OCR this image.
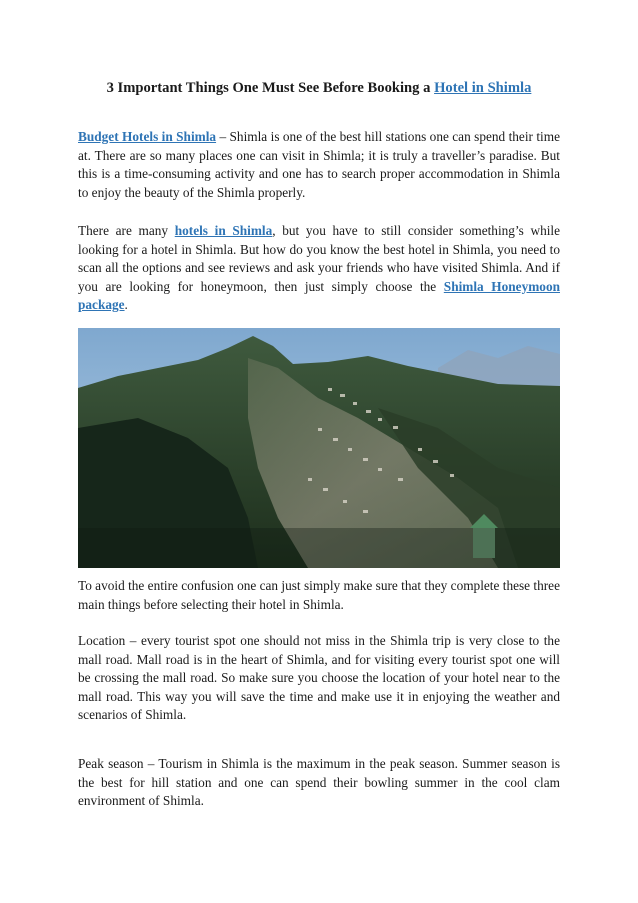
3 Important Things One Must See Before Booking a Hotel in Shimla

Budget Hotels in Shimla – Shimla is one of the best hill stations one can spend their time at. There are so many places one can visit in Shimla; it is truly a traveller’s paradise. But this is a time-consuming activity and one has to search proper accommodation in Shimla to enjoy the beauty of the Shimla properly.

There are many hotels in Shimla, but you have to still consider something’s while looking for a hotel in Shimla. But how do you know the best hotel in Shimla, you need to scan all the options and see reviews and ask your friends who have visited Shimla. And if you are looking for honeymoon, then just simply choose the Shimla Honeymoon package.

To avoid the entire confusion one can just simply make sure that they complete these three main things before selecting their hotel in Shimla.

Location – every tourist spot one should not miss in the Shimla trip is very close to the mall road. Mall road is in the heart of Shimla, and for visiting every tourist spot one will be crossing the mall road. So make sure you choose the location of your hotel near to the mall road. This way you will save the time and make use it in enjoying the weather and scenarios of Shimla.

Peak season – Tourism in Shimla is the maximum in the peak season. Summer season is the best for hill station and one can spend their bowling summer in the cool clam environment of Shimla.
